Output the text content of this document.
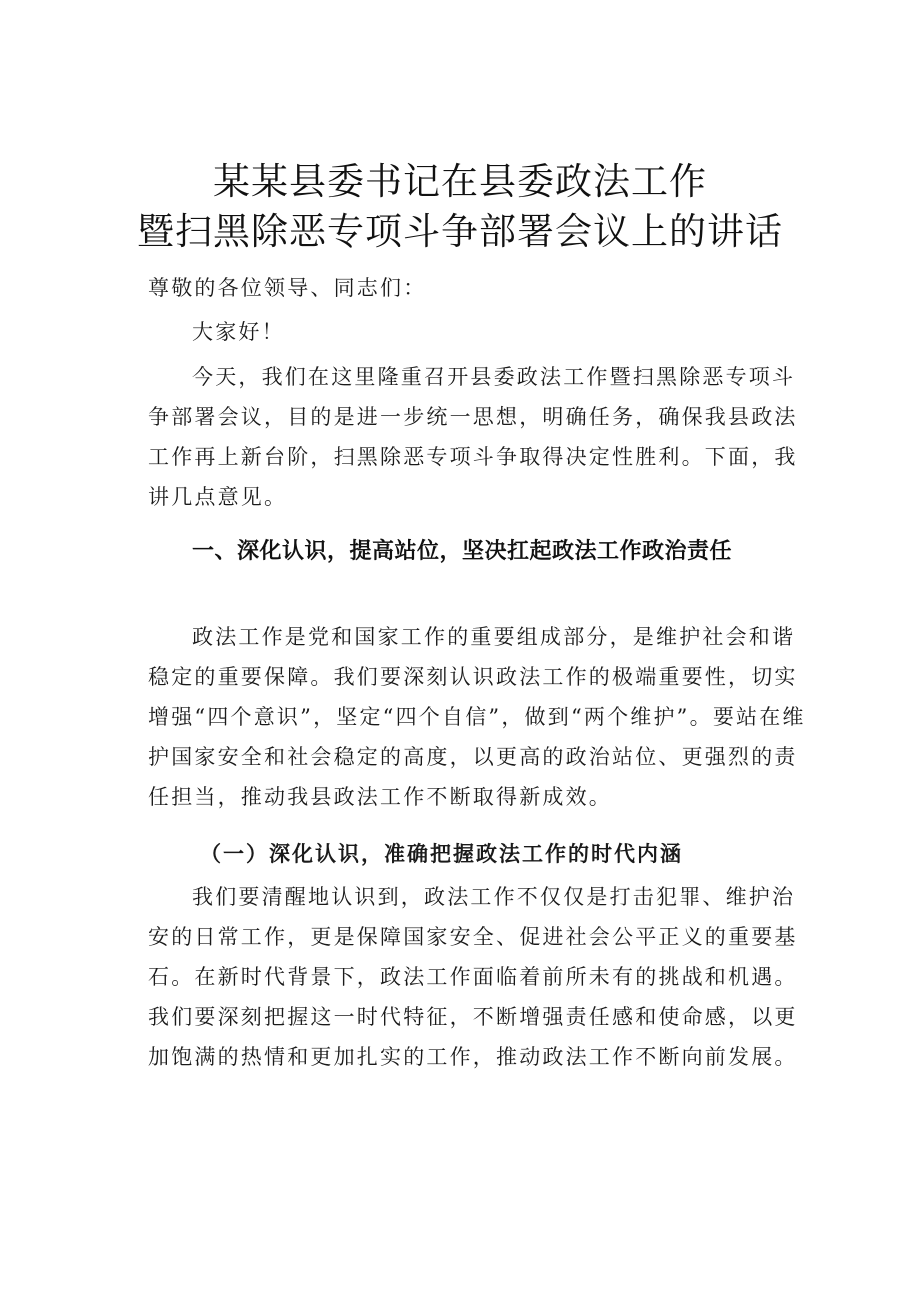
某某县委书记在县委政法工作
暨扫黑除恶专项斗争部署会议上的讲话

尊敬的各位领导、同志们：

大家好！

今天，我们在这里隆重召开县委政法工作暨扫黑除恶专项斗争部署会议，目的是进一步统一思想，明确任务，确保我县政法工作再上新台阶，扫黑除恶专项斗争取得决定性胜利。下面，我讲几点意见。

一、深化认识，提高站位，坚决扛起政法工作政治责任

政法工作是党和国家工作的重要组成部分，是维护社会和谐稳定的重要保障。我们要深刻认识政法工作的极端重要性，切实增强“四个意识”，坚定“四个自信”，做到“两个维护”。要站在维护国家安全和社会稳定的高度，以更高的政治站位、更强烈的责任担当，推动我县政法工作不断取得新成效。

（一）深化认识，准确把握政法工作的时代内涵

我们要清醒地认识到，政法工作不仅仅是打击犯罪、维护治安的日常工作，更是保障国家安全、促进社会公平正义的重要基石。在新时代背景下，政法工作面临着前所未有的挑战和机遇。我们要深刻把握这一时代特征，不断增强责任感和使命感，以更加饱满的热情和更加扎实的工作，推动政法工作不断向前发展。
